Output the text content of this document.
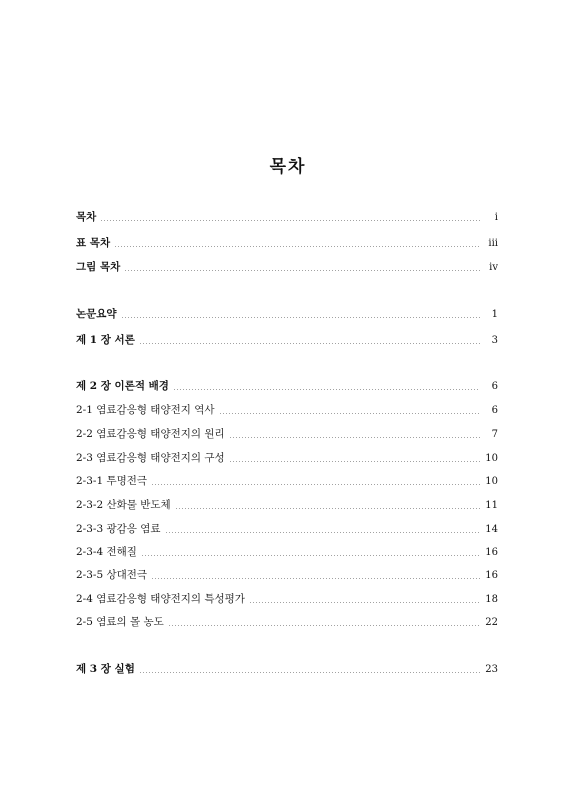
목차
목차	i
표 목차	iii
그림 목차	iv
논문요약	1
제 1 장 서론	3
제 2 장 이론적 배경	6
2-1 염료감응형 태양전지 역사	6
2-2 염료감응형 태양전지의 원리	7
2-3 염료감응형 태양전지의 구성	10
2-3-1 투명전극	10
2-3-2 산화물 반도체	11
2-3-3 광감응 염료	14
2-3-4 전해질	16
2-3-5 상대전극	16
2-4 염료감응형 태양전지의 특성평가	18
2-5 염료의 몰 농도	22
제 3 장 실험	23
